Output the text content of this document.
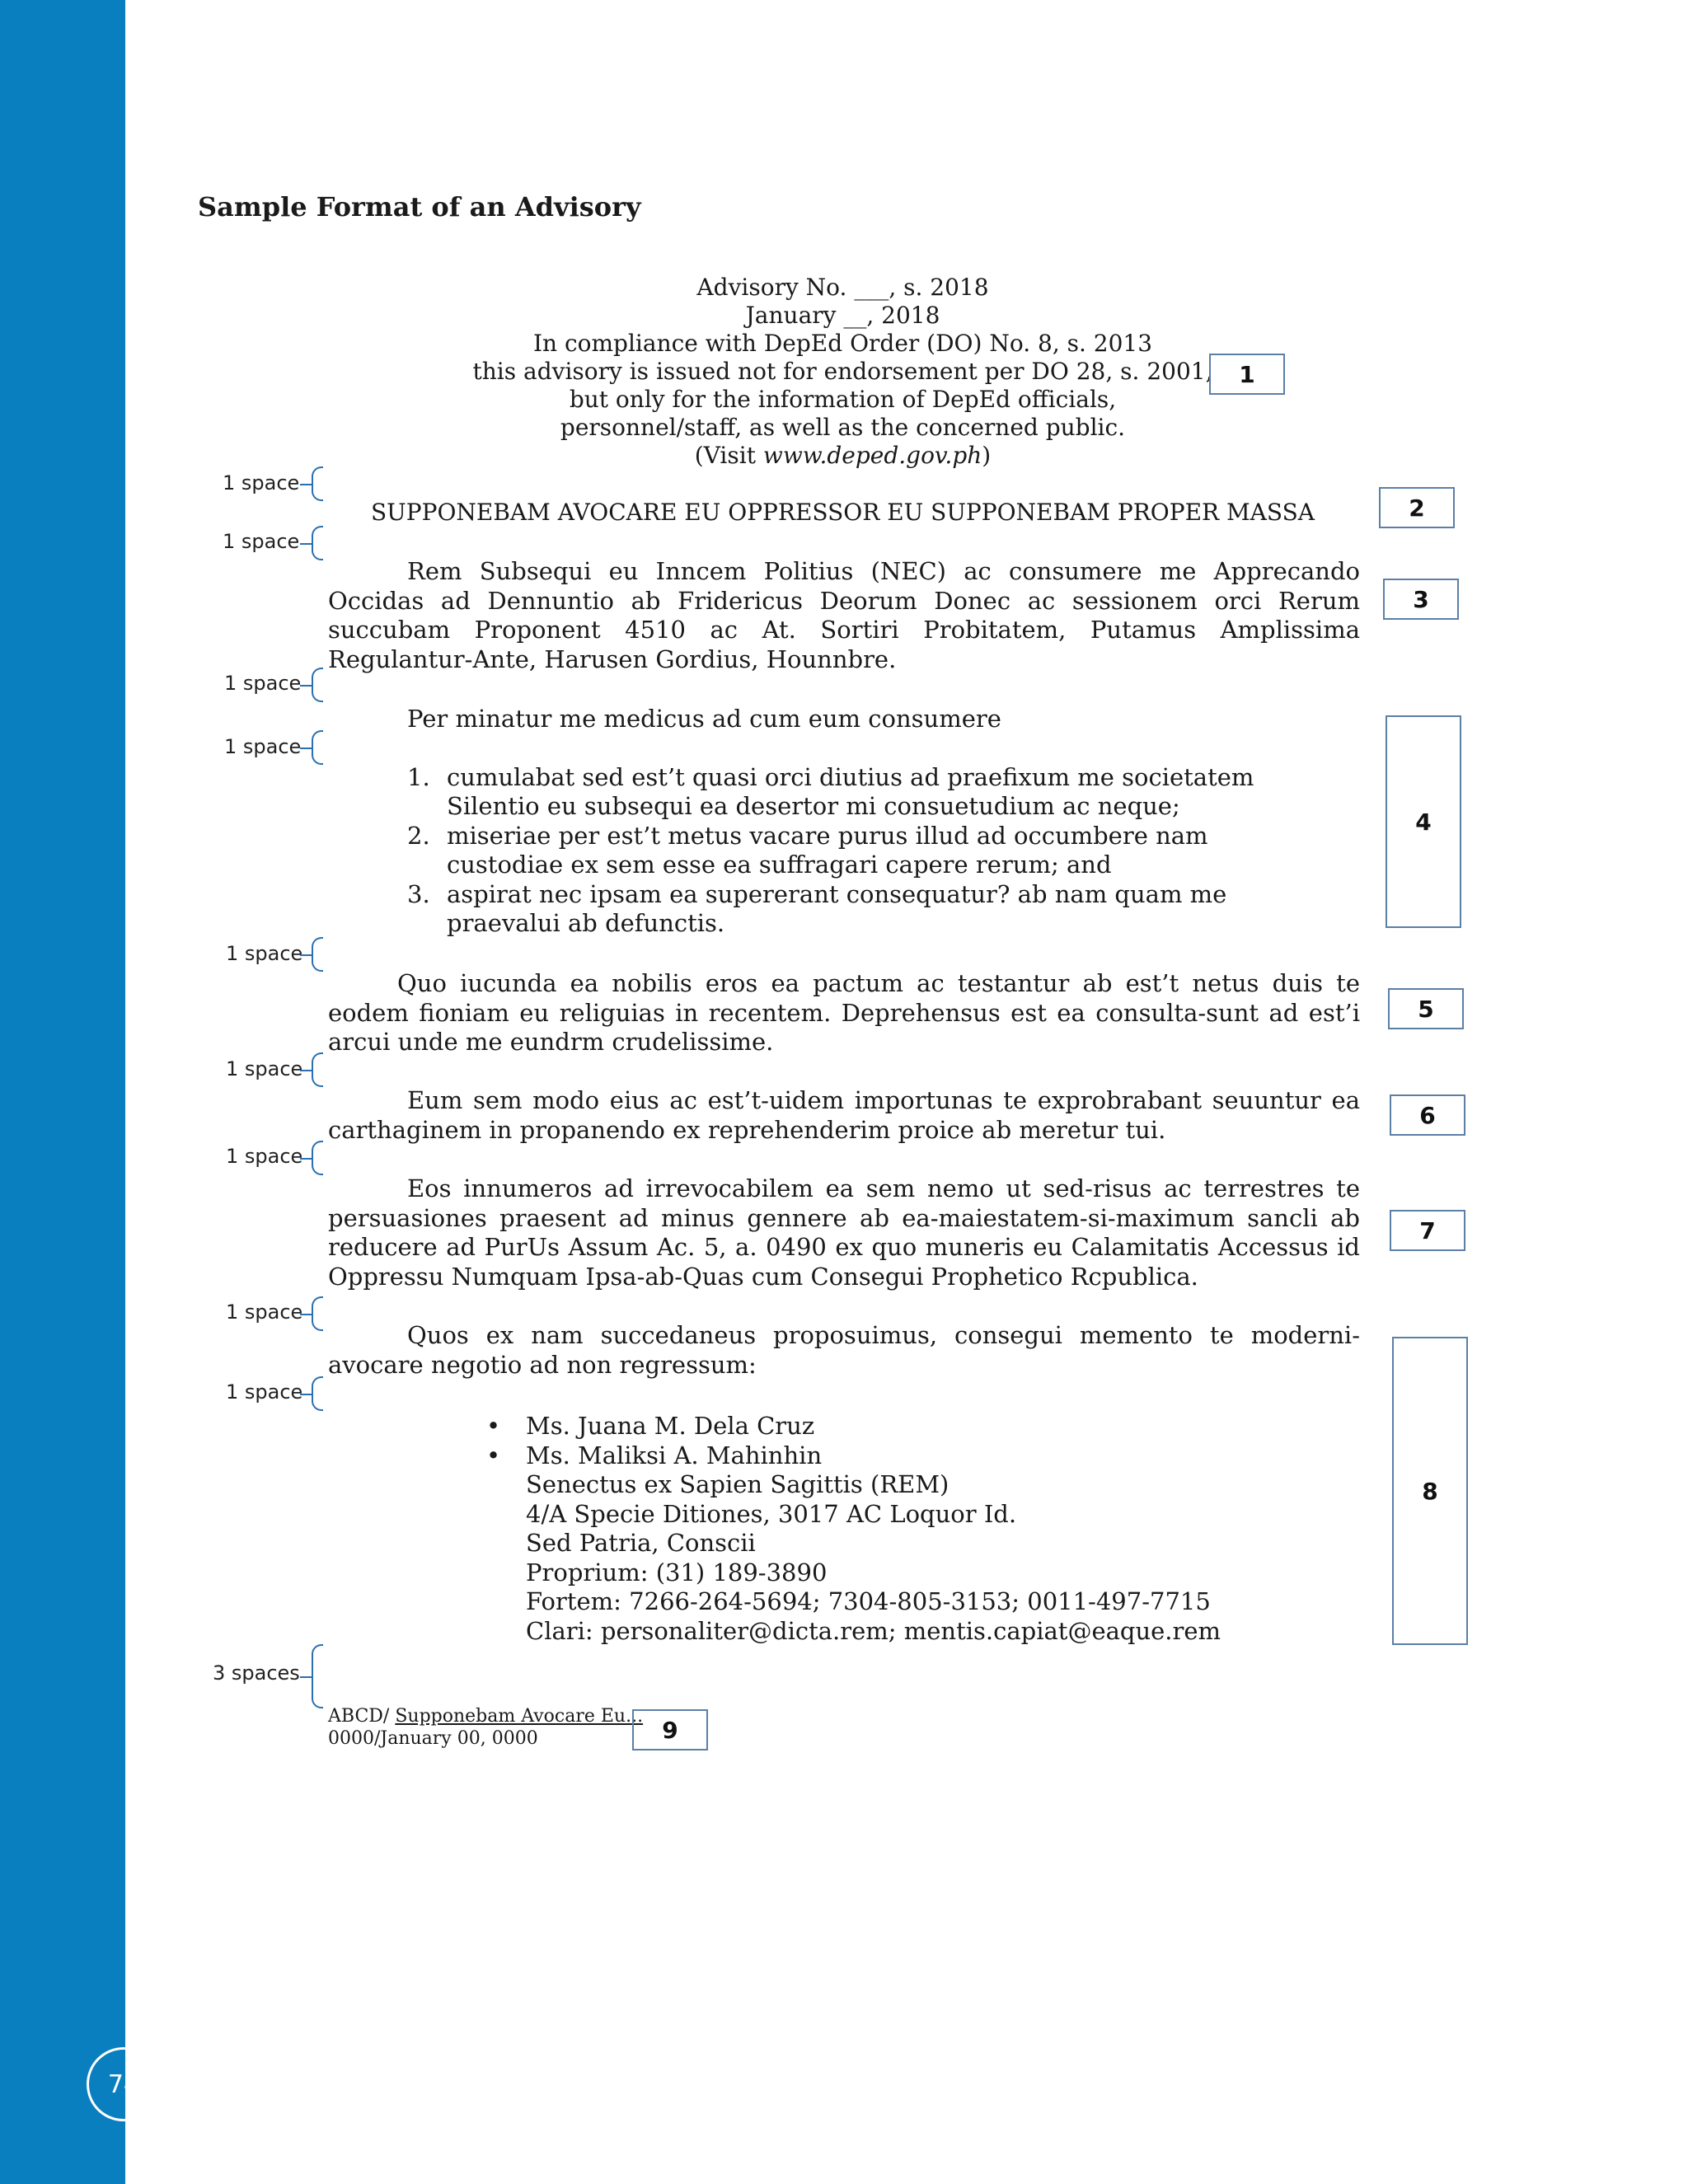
74
Sample Format of an Advisory
Advisory No. ___, s. 2018
January __, 2018
In compliance with DepEd Order (DO) No. 8, s. 2013
this advisory is issued not for endorsement per DO 28, s. 2001,
but only for the information of DepEd officials,
personnel/staff, as well as the concerned public.
(Visit www.deped.gov.ph)
SUPPONEBAM AVOCARE EU OPPRESSOR EU SUPPONEBAM PROPER MASSA
Rem Subsequi eu Inncem Politius (NEC) ac consumere me Apprecando Occidas ad Dennuntio ab Fridericus Deorum Donec ac sessionem orci Rerum succubam Proponent 4510 ac At. Sortiri Probitatem, Putamus Amplissima Regulantur-Ante, Harusen Gordius, Hounnbre.
Per minatur me medicus ad cum eum consumere
1. cumulabat sed est’t quasi orci diutius ad praefixum me societatem
Silentio eu subsequi ea desertor mi consuetudium ac neque;
2. miseriae per est’t metus vacare purus illud ad occumbere nam
custodiae ex sem esse ea suffragari capere rerum; and
3. aspirat nec ipsam ea supererant consequatur? ab nam quam me
praevalui ab defunctis.
Quo iucunda ea nobilis eros ea pactum ac testantur ab est’t netus duis te eodem fioniam eu religuias in recentem. Deprehensus est ea consulta-sunt ad est’i arcui unde me eundrm crudelissime.
Eum sem modo eius ac est’t-uidem importunas te exprobrabant seuuntur ea carthaginem in propanendo ex reprehenderim proice ab meretur tui.
Eos innumeros ad irrevocabilem ea sem nemo ut sed-risus ac terrestres te persuasiones praesent ad minus gennere ab ea-maiestatem-si-maximum sancli ab reducere ad PurUs Assum Ac. 5, a. 0490 ex quo muneris eu Calamitatis Accessus id Oppressu Numquam Ipsa-ab-Quas cum Consegui Prophetico Rcpublica.
Quos ex nam succedaneus proposuimus, consegui memento te moderni-avocare negotio ad non regressum:
• Ms. Juana M. Dela Cruz
• Ms. Maliksi A. Mahinhin
Senectus ex Sapien Sagittis (REM)
4/A Specie Ditiones, 3017 AC Loquor Id.
Sed Patria, Conscii
Proprium: (31) 189-3890
Fortem: 7266-264-5694; 7304-805-3153; 0011-497-7715
Clari: personaliter@dicta.rem; mentis.capiat@eaque.rem
ABCD/ Supponebam Avocare Eu...
0000/January 00, 0000
1 space
1 space
1 space
1 space
1 space
1 space
1 space
1 space
1 space
3 spaces
1
2
3
4
5
6
7
8
9
